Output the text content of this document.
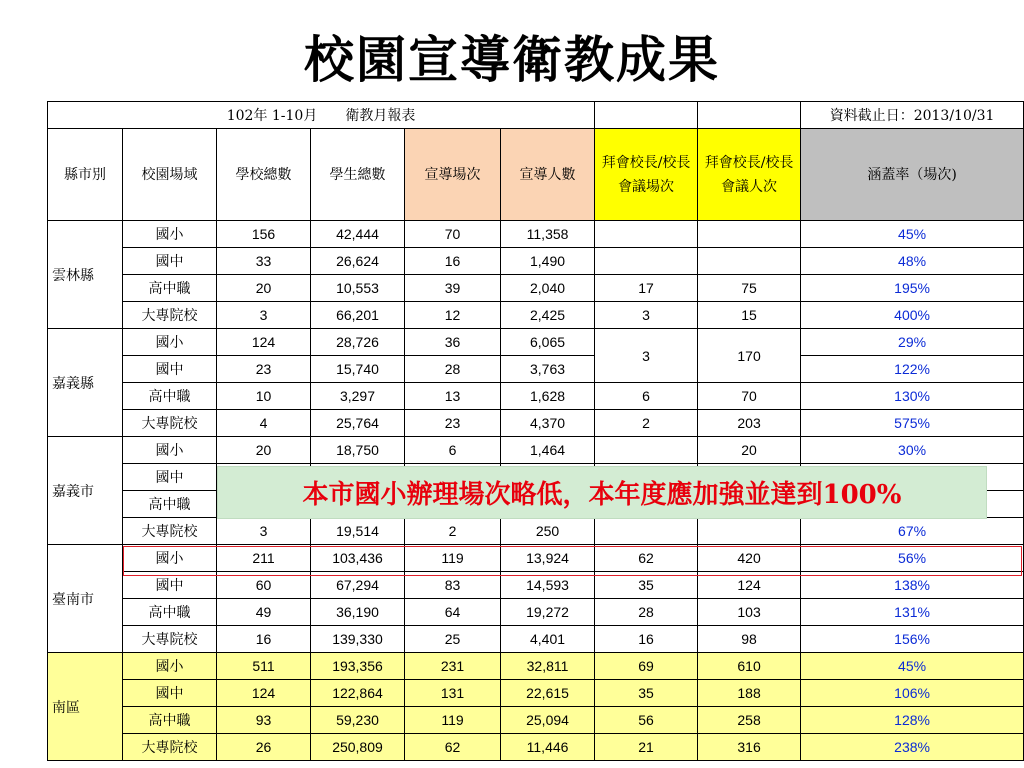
校園宣導衛教成果
102年 1-10月　　衛教月報表								資料截止日：2013/10/31
縣市別	校園場域	學校總數	學生總數	宣導場次	宣導人數	拜會校長/校長會議場次	拜會校長/校長會議人次	涵蓋率（場次)
雲林縣	國小	156	42,444	70	11,358			45%
	國中	33	26,624	16	1,490			48%
	高中職	20	10,553	39	2,040	17	75	195%
	大專院校	3	66,201	12	2,425	3	15	400%
嘉義縣	國小	124	28,726	36	6,065	3	170	29%
	國中	23	15,740	28	3,763			122%
	高中職	10	3,297	13	1,628	6	70	130%
	大專院校	4	25,764	23	4,370	2	203	575%
嘉義市	國小	20	18,750	6	1,464		20	30%
	國中							
	高中職							
	大專院校	3	19,514	2	250			67%
臺南市	國小	211	103,436	119	13,924	62	420	56%
	國中	60	67,294	83	14,593	35	124	138%
	高中職	49	36,190	64	19,272	28	103	131%
	大專院校	16	139,330	25	4,401	16	98	156%
南區	國小	511	193,356	231	32,811	69	610	45%
	國中	124	122,864	131	22,615	35	188	106%
	高中職	93	59,230	119	25,094	56	258	128%
	大專院校	26	250,809	62	11,446	21	316	238%
本市國小辦理場次略低，本年度應加強並達到100%
